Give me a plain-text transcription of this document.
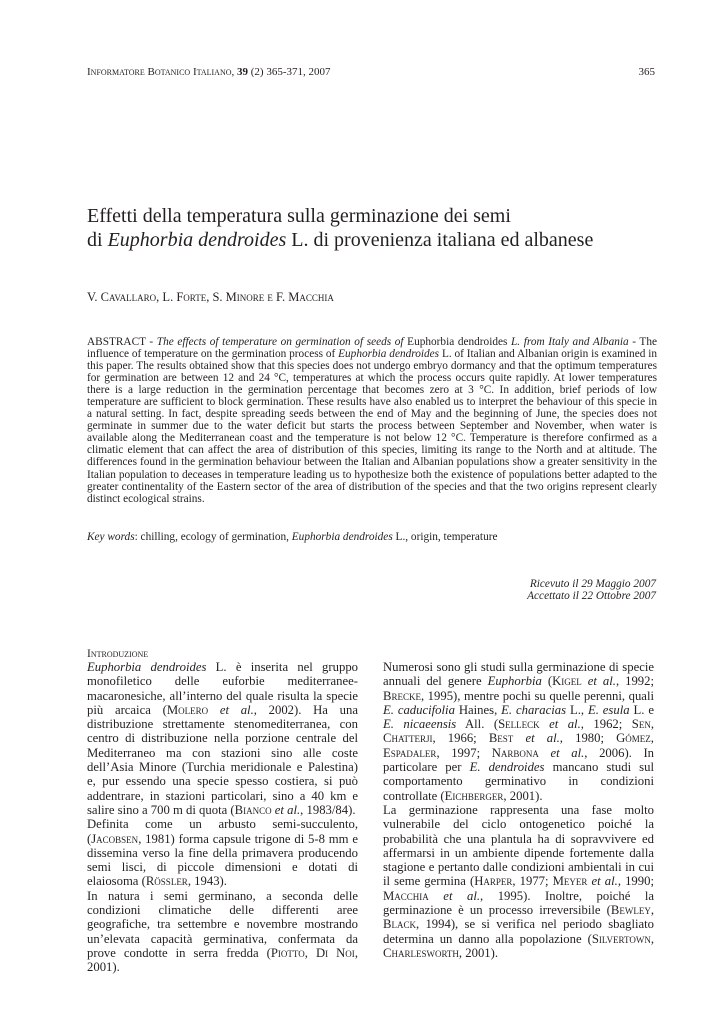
Informatore Botanico Italiano, 39 (2) 365-371, 2007	365
Effetti della temperatura sulla germinazione dei semi
di Euphorbia dendroides L. di provenienza italiana ed albanese
V. Cavallaro, L. Forte, S. Minore e F. Macchia

ABSTRACT - The effects of temperature on germination of seeds of Euphorbia dendroides L. from Italy and Albania - The influence of temperature on the germination process of Euphorbia dendroides L. of Italian and Albanian origin is examined in this paper. The results obtained show that this species does not undergo embryo dormancy and that the optimum temperatures for germination are between 12 and 24 °C, temperatures at which the process occurs quite rapidly. At lower temperatures there is a large reduction in the germination percentage that becomes zero at 3 °C. In addition, brief periods of low temperature are sufficient to block germination. These results have also enabled us to interpret the behaviour of this specie in a natural setting. In fact, despite spreading seeds between the end of May and the beginning of June, the species does not germinate in summer due to the water deficit but starts the process between September and November, when water is available along the Mediterranean coast and the temperature is not below 12 °C. Temperature is therefore confirmed as a climatic element that can affect the area of distribution of this species, limiting its range to the North and at altitude. The differences found in the germination behaviour between the Italian and Albanian populations show a greater sensitivity in the Italian population to deceases in temperature leading us to hypothesize both the existence of populations better adapted to the greater continentality of the Eastern sector of the area of distribution of the species and that the two origins represent clearly distinct ecological strains.

Key words: chilling, ecology of germination, Euphorbia dendroides L., origin, temperature
Ricevuto il 29 Maggio 2007
Accettato il 22 Ottobre 2007
Introduzione

Euphorbia dendroides L. è inserita nel gruppo monofiletico delle euforbie mediterranee-macaronesiche, all’interno del quale risulta la specie più arcaica (Molero et al., 2002). Ha una distribuzione strettamente stenomediterranea, con centro di distribuzione nella porzione centrale del Mediterraneo ma con stazioni sino alle coste dell’Asia Minore (Turchia meridionale e Palestina) e, pur essendo una specie spesso costiera, si può addentrare, in stazioni particolari, sino a 40 km e salire sino a 700 m di quota (Bianco et al., 1983/84).

Definita come un arbusto semi-succulento, (Jacobsen, 1981) forma capsule trigone di 5-8 mm e dissemina verso la fine della primavera producendo semi lisci, di piccole dimensioni e dotati di elaiosoma (Rössler, 1943).

In natura i semi germinano, a seconda delle condizioni climatiche delle differenti aree geografiche, tra settembre e novembre mostrando un’elevata capacità germinativa, confermata da prove condotte in serra fredda (Piotto, Di Noi, 2001).

Numerosi sono gli studi sulla germinazione di specie annuali del genere Euphorbia (Kigel et al., 1992; Brecke, 1995), mentre pochi su quelle perenni, quali E. caducifolia Haines, E. characias L., E. esula L. e E. nicaeensis All. (Selleck et al., 1962; Sen, Chatterji, 1966; Best et al., 1980; Gómez, Espadaler, 1997; Narbona et al., 2006). In particolare per E. dendroides mancano studi sul comportamento germinativo in condizioni controllate (Eichberger, 2001).

La germinazione rappresenta una fase molto vulnerabile del ciclo ontogenetico poiché la probabilità che una plantula ha di sopravvivere ed affermarsi in un ambiente dipende fortemente dalla stagione e pertanto dalle condizioni ambientali in cui il seme germina (Harper, 1977; Meyer et al., 1990; Macchia et al., 1995). Inoltre, poiché la germinazione è un processo irreversibile (Bewley, Black, 1994), se si verifica nel periodo sbagliato determina un danno alla popolazione (Silvertown, Charlesworth, 2001).
